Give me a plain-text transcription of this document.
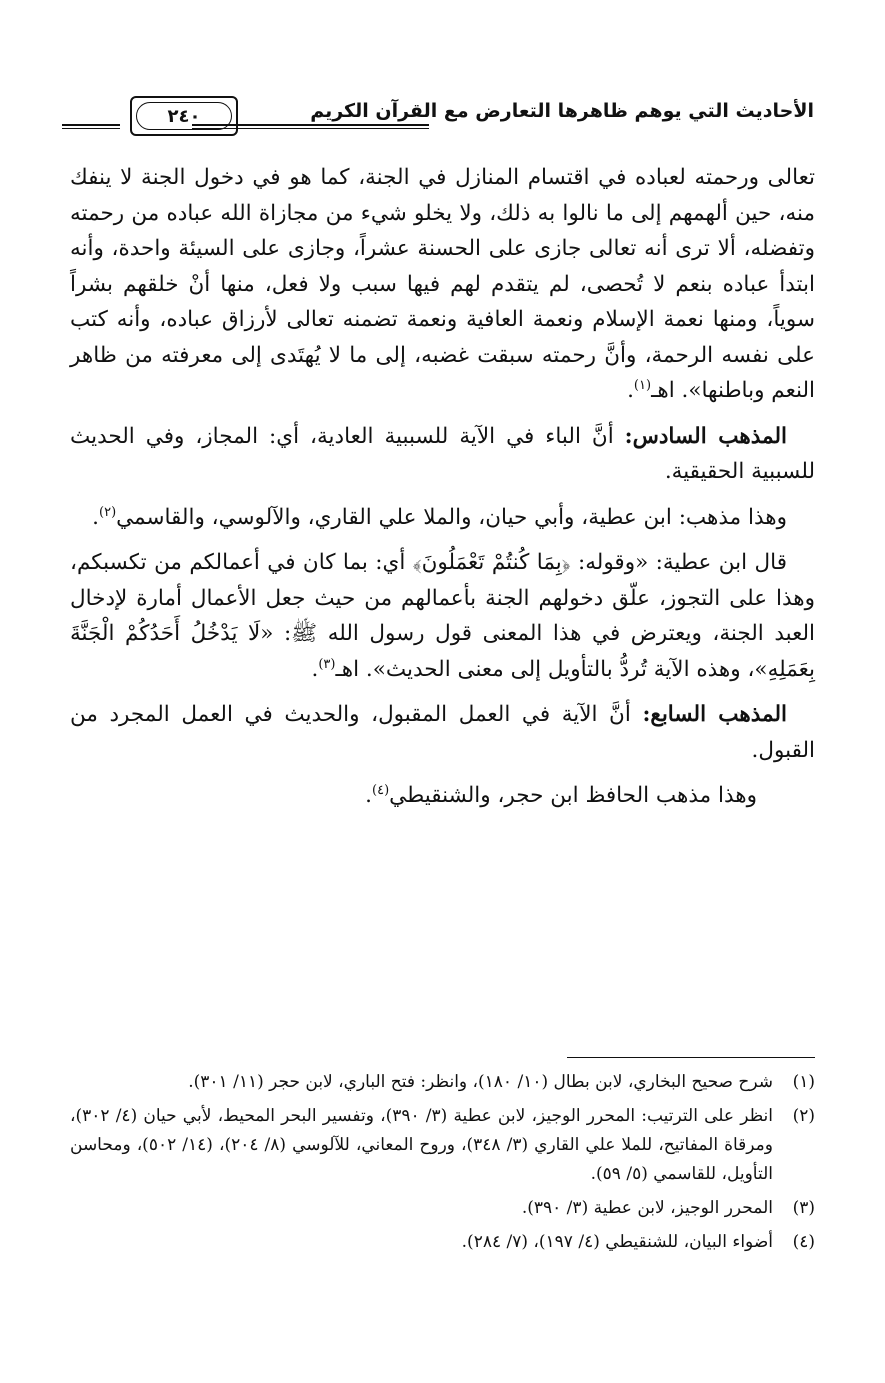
الأحاديث التي يوهم ظاهرها التعارض مع القرآن الكريم
٢٤٠

تعالى ورحمته لعباده في اقتسام المنازل في الجنة، كما هو في دخول الجنة لا ينفك منه، حين ألهمهم إلى ما نالوا به ذلك، ولا يخلو شيء من مجازاة الله عباده من رحمته وتفضله، ألا ترى أنه تعالى جازى على الحسنة عشراً، وجازى على السيئة واحدة، وأنه ابتدأ عباده بنعم لا تُحصى، لم يتقدم لهم فيها سبب ولا فعل، منها أنْ خلقهم بشراً سوياً، ومنها نعمة الإسلام ونعمة العافية ونعمة تضمنه تعالى لأرزاق عباده، وأنه كتب على نفسه الرحمة، وأنَّ رحمته سبقت غضبه، إلى ما لا يُهتَدى إلى معرفته من ظاهر النعم وباطنها». اهـ$^{(١)}$.

المذهب السادس: أنَّ الباء في الآية للسببية العادية، أي: المجاز، وفي الحديث للسببية الحقيقية.

وهذا مذهب: ابن عطية، وأبي حيان، والملا علي القاري، والآلوسي، والقاسمي$^{(٢)}$.

قال ابن عطية: «وقوله: ﴿بِمَا كُنتُمْ تَعْمَلُونَ﴾ أي: بما كان في أعمالكم من تكسبكم، وهذا على التجوز، علّق دخولهم الجنة بأعمالهم من حيث جعل الأعمال أمارة لإدخال العبد الجنة، ويعترض في هذا المعنى قول رسول الله ﷺ: «لَا يَدْخُلُ أَحَدُكُمْ الْجَنَّةَ بِعَمَلِهِ»، وهذه الآية تُردُّ بالتأويل إلى معنى الحديث». اهـ$^{(٣)}$.

المذهب السابع: أنَّ الآية في العمل المقبول، والحديث في العمل المجرد من القبول.

وهذا مذهب الحافظ ابن حجر، والشنقيطي$^{(٤)}$.

(١)
شرح صحيح البخاري، لابن بطال (١٠/ ١٨٠)، وانظر: فتح الباري، لابن حجر (١١/ ٣٠١).
(٢)
انظر على الترتيب: المحرر الوجيز، لابن عطية (٣/ ٣٩٠)، وتفسير البحر المحيط، لأبي حيان (٤/ ٣٠٢)، ومرقاة المفاتيح، للملا علي القاري (٣/ ٣٤٨)، وروح المعاني، للآلوسي (٨/ ٢٠٤)، (١٤/ ٥٠٢)، ومحاسن التأويل، للقاسمي (٥/ ٥٩).
(٣)
المحرر الوجيز، لابن عطية (٣/ ٣٩٠).
(٤)
أضواء البيان، للشنقيطي (٤/ ١٩٧)، (٧/ ٢٨٤).
